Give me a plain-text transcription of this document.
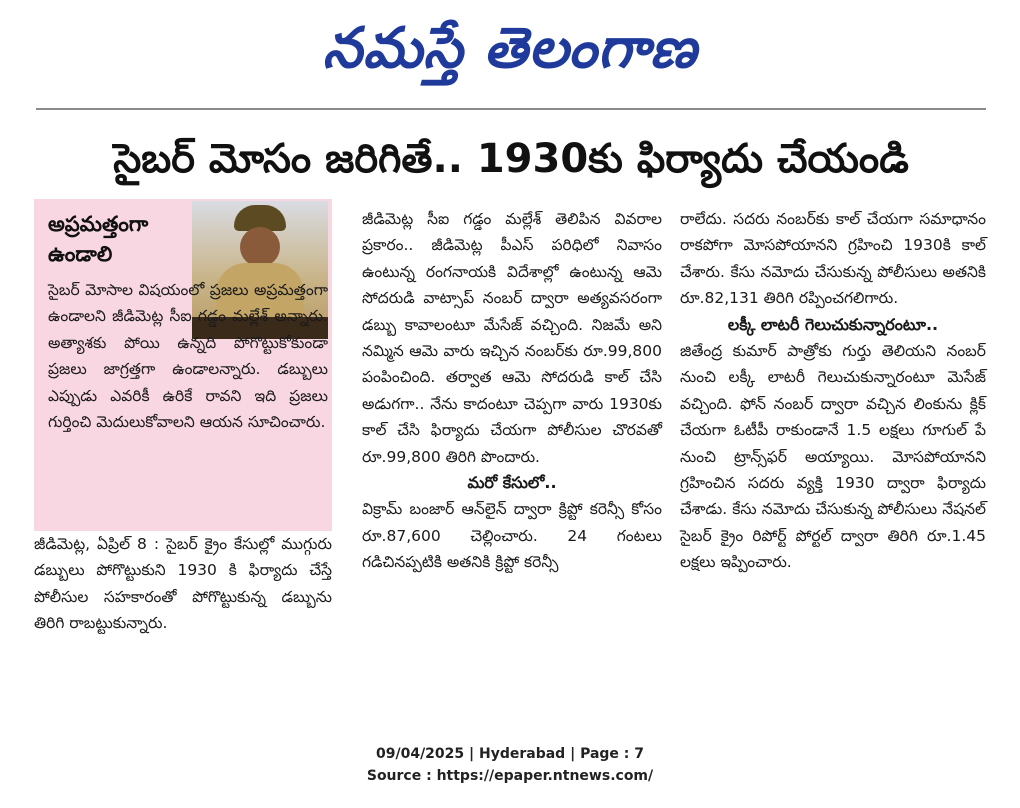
నమస్తే తెలంగాణ
సైబర్ మోసం జరిగితే.. 1930కు ఫిర్యాదు చేయండి
అప్రమత్తంగా ఉండాలి

సైబర్ మోసాల విషయంలో ప్రజలు అప్రమత్తంగా ఉండాలని జీడిమెట్ల సీఐ గడ్డం మల్లేశ్ అన్నారు. అత్యాశకు పోయి ఉన్నది పోగొట్టుకోకుండా ప్రజలు జాగ్రత్తగా ఉండాలన్నారు. డబ్బులు ఎప్పుడు ఎవరికీ ఉరికే రావని ఇది ప్రజలు గుర్తించి మెదులుకోవాలని ఆయన సూచించారు.

జీడిమెట్ల, ఏప్రిల్ 8 : సైబర్ క్రైం కేసుల్లో ముగ్గురు డబ్బులు పోగొట్టుకుని 1930 కి ఫిర్యాదు చేస్తే పోలీసుల సహకారంతో పోగొట్టుకున్న డబ్బును తిరిగి రాబట్టుకున్నారు.

జీడిమెట్ల సీఐ గడ్డం మల్లేశ్ తెలిపిన వివరాల ప్రకారం.. జీడిమెట్ల పీఎస్ పరిధిలో నివాసం ఉంటున్న రంగనాయకి విదేశాల్లో ఉంటున్న ఆమె సోదరుడి వాట్సాప్ నంబర్ ద్వారా అత్యవసరంగా డబ్బు కావాలంటూ మేసేజ్ వచ్చింది. నిజమే అని నమ్మిన ఆమె వారు ఇచ్చిన నంబర్‌కు రూ.99,800 పంపించింది. తర్వాత ఆమె సోదరుడి కాల్ చేసి అడుగగా.. నేను కాదంటూ చెప్పగా వారు 1930కు కాల్ చేసి ఫిర్యాదు చేయగా పోలీసుల చొరవతో రూ.99,800 తిరిగి పొందారు.

మరో కేసులో..

విక్రామ్ బంజార్ ఆన్‌లైన్ ద్వారా క్రిప్టో కరెన్సీ కోసం రూ.87,600 చెల్లించారు. 24 గంటలు గడిచినప్పటికి అతనికి క్రిప్టో కరెన్సీ

రాలేదు. సదరు నంబర్‌కు కాల్ చేయగా సమాధానం రాకపోగా మోసపోయానని గ్రహించి 1930కి కాల్ చేశారు. కేసు నమోదు చేసుకున్న పోలీసులు అతనికి రూ.82,131 తిరిగి రప్పించగలిగారు.

లక్కీ లాటరీ గెలుచుకున్నారంటూ..

జితేంద్ర కుమార్ పాత్రోకు గుర్తు తెలియని నంబర్ నుంచి లక్కీ లాటరీ గెలుచుకున్నారంటూ మెసేజ్ వచ్చింది. ఫోన్ నంబర్ ద్వారా వచ్చిన లింకును క్లిక్ చేయగా ఓటీపీ రాకుండానే 1.5 లక్షలు గూగుల్ పే నుంచి ట్రాన్స్‌ఫర్ అయ్యాయి. మోసపోయానని గ్రహించిన సదరు వ్యక్తి 1930 ద్వారా ఫిర్యాదు చేశాడు. కేసు నమోదు చేసుకున్న పోలీసులు నేషనల్ సైబర్ క్రైం రిపోర్ట్ పోర్టల్ ద్వారా తిరిగి రూ.1.45 లక్షలు ఇప్పించారు.

09/04/2025 | Hyderabad | Page : 7
Source : https://epaper.ntnews.com/
